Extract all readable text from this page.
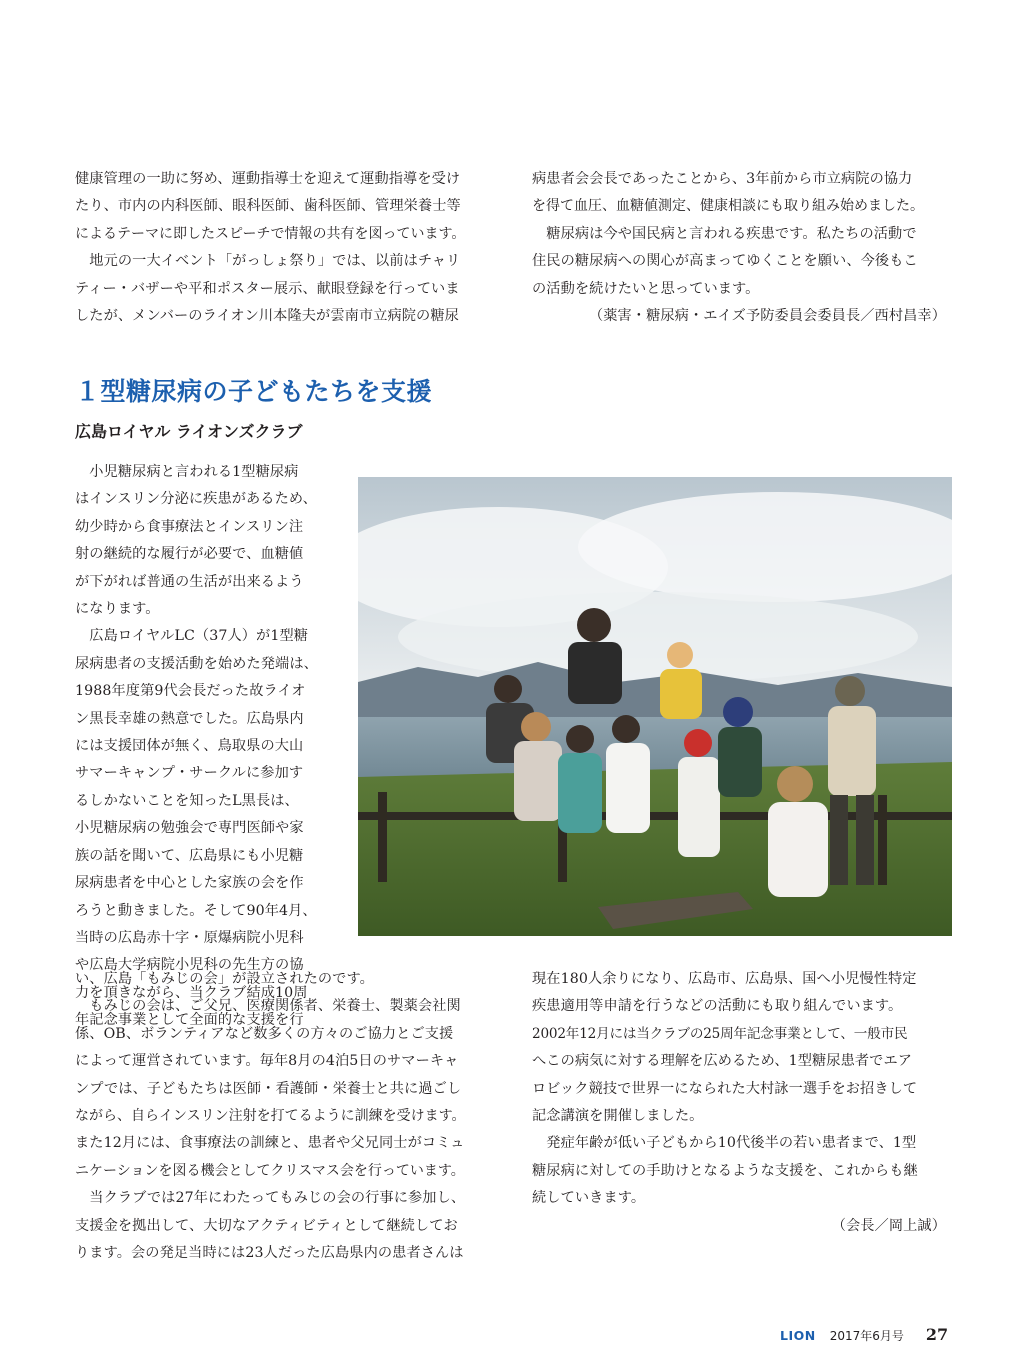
健康管理の一助に努め、運動指導士を迎えて運動指導を受け

たり、市内の内科医師、眼科医師、歯科医師、管理栄養士等

によるテーマに即したスピーチで情報の共有を図っています。

　地元の一大イベント「がっしょ祭り」では、以前はチャリ

ティー・バザーや平和ポスター展示、献眼登録を行っていま

したが、メンバーのライオン川本隆夫が雲南市立病院の糖尿

病患者会会長であったことから、3年前から市立病院の協力

を得て血圧、血糖値測定、健康相談にも取り組み始めました。

　糖尿病は今や国民病と言われる疾患です。私たちの活動で

住民の糖尿病への関心が高まってゆくことを願い、今後もこ

の活動を続けたいと思っています。

（薬害・糖尿病・エイズ予防委員会委員長／西村昌幸）

１型糖尿病の子どもたちを支援
広島ロイヤル ライオンズクラブ

　小児糖尿病と言われる1型糖尿病

はインスリン分泌に疾患があるため、

幼少時から食事療法とインスリン注

射の継続的な履行が必要で、血糖値

が下がれば普通の生活が出来るよう

になります。

　広島ロイヤルLC（37人）が1型糖

尿病患者の支援活動を始めた発端は、

1988年度第9代会長だった故ライオ

ン黒長幸雄の熱意でした。広島県内

には支援団体が無く、鳥取県の大山

サマーキャンプ・サークルに参加す

るしかないことを知ったL黒長は、

小児糖尿病の勉強会で専門医師や家

族の話を聞いて、広島県にも小児糖

尿病患者を中心とした家族の会を作

ろうと動きました。そして90年4月、

当時の広島赤十字・原爆病院小児科

や広島大学病院小児科の先生方の協

力を頂きながら、当クラブ結成10周

年記念事業として全面的な支援を行

い、広島「もみじの会」が設立されたのです。

　もみじの会は、ご父兄、医療関係者、栄養士、製薬会社関

係、OB、ボランティアなど数多くの方々のご協力とご支援

によって運営されています。毎年8月の4泊5日のサマーキャ

ンプでは、子どもたちは医師・看護師・栄養士と共に過ごし

ながら、自らインスリン注射を打てるように訓練を受けます。

また12月には、食事療法の訓練と、患者や父兄同士がコミュ

ニケーションを図る機会としてクリスマス会を行っています。

　当クラブでは27年にわたってもみじの会の行事に参加し、

支援金を拠出して、大切なアクティビティとして継続してお

ります。会の発足当時には23人だった広島県内の患者さんは

現在180人余りになり、広島市、広島県、国へ小児慢性特定

疾患適用等申請を行うなどの活動にも取り組んでいます。

2002年12月には当クラブの25周年記念事業として、一般市民

へこの病気に対する理解を広めるため、1型糖尿患者でエア

ロビック競技で世界一になられた大村詠一選手をお招きして

記念講演を開催しました。

　発症年齢が低い子どもから10代後半の若い患者まで、1型

糖尿病に対しての手助けとなるような支援を、これからも継

続していきます。

（会長／岡上誠）

LION 2017年6月号 27
